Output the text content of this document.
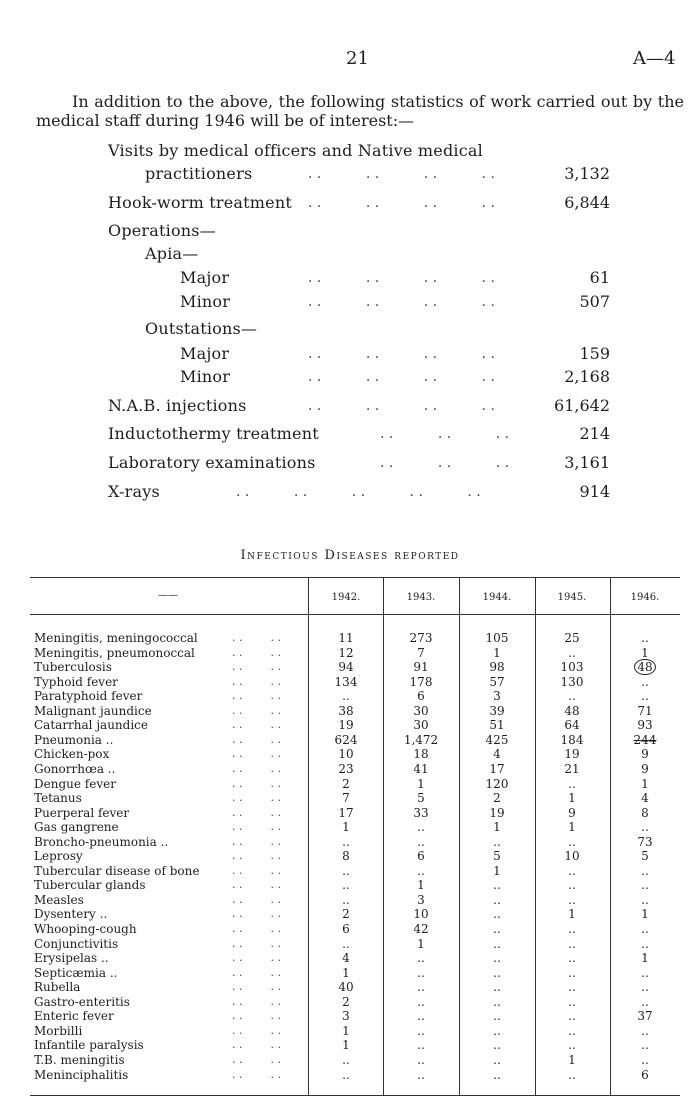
21	A—4

In addition to the above, the following statistics of work carried out by the medical staff during 1946 will be of interest:—

Visits by medical officers and Native medical
practitioners	. .          . .          . .          . .	3,132
Hook-worm treatment . .          . .          . .          . .	6,844
Operations—
Apia—
Major	. .          . .          . .          . .	61
Minor	. .          . .          . .          . .	507
Outstations—
Major	. .          . .          . .          . .	159
Minor	. .          . .          . .          . .	2,168
N.A.B. injections	. .          . .          . .          . .	61,642
Inductothermy treatment	. .          . .          . .	214
Laboratory examinations	. .          . .          . .	3,161
X-rays	. .          . .          . .          . .          . .	914
Infectious Diseases reported
——	1942.	1943.	1944.	1945.	1946.
Meningitis, meningococcal	. .        . .	11	273	105	25	..
Meningitis, pneumonoccal	. .        . .	12	7	1	..	1
Tuberculosis	. .        . .	94	91	98	103	48
Typhoid fever	. .        . .	134	178	57	130	..
Paratyphoid fever	. .        . .	..	6	3	..	..
Malignant jaundice	. .        . .	38	30	39	48	71
Catarrhal jaundice	. .        . .	19	30	51	64	93
Pneumonia ..	. .        . .	624	1,472	425	184	244
Chicken-pox	. .        . .	10	18	4	19	9
Gonorrhœa ..	. .        . .	23	41	17	21	9
Dengue fever	. .        . .	2	1	120	..	1
Tetanus	. .        . .	7	5	2	1	4
Puerperal fever	. .        . .	17	33	19	9	8
Gas gangrene	. .        . .	1	..	1	1	..
Broncho-pneumonia ..	. .        . .	..	..	..	..	73
Leprosy	. .        . .	8	6	5	10	5
Tubercular disease of bone	. .        . .	..	..	1	..	..
Tubercular glands	. .        . .	..	1	..	..	..
Measles	. .        . .	..	3	..	..	..
Dysentery ..	. .        . .	2	10	..	1	1
Whooping-cough	. .        . .	6	42	..	..	..
Conjunctivitis	. .        . .	..	1	..	..	..
Erysipelas ..	. .        . .	4	..	..	..	1
Septicæmia ..	. .        . .	1	..	..	..	..
Rubella	. .        . .	40	..	..	..	..
Gastro-enteritis	. .        . .	2	..	..	..	..
Enteric fever	. .        . .	3	..	..	..	37
Morbilli	. .        . .	1	..	..	..	..
Infantile paralysis	. .        . .	1	..	..	..	..
T.B. meningitis	. .        . .	..	..	..	1	..
Meninciphalitis	. .        . .	..	..	..	..	6
